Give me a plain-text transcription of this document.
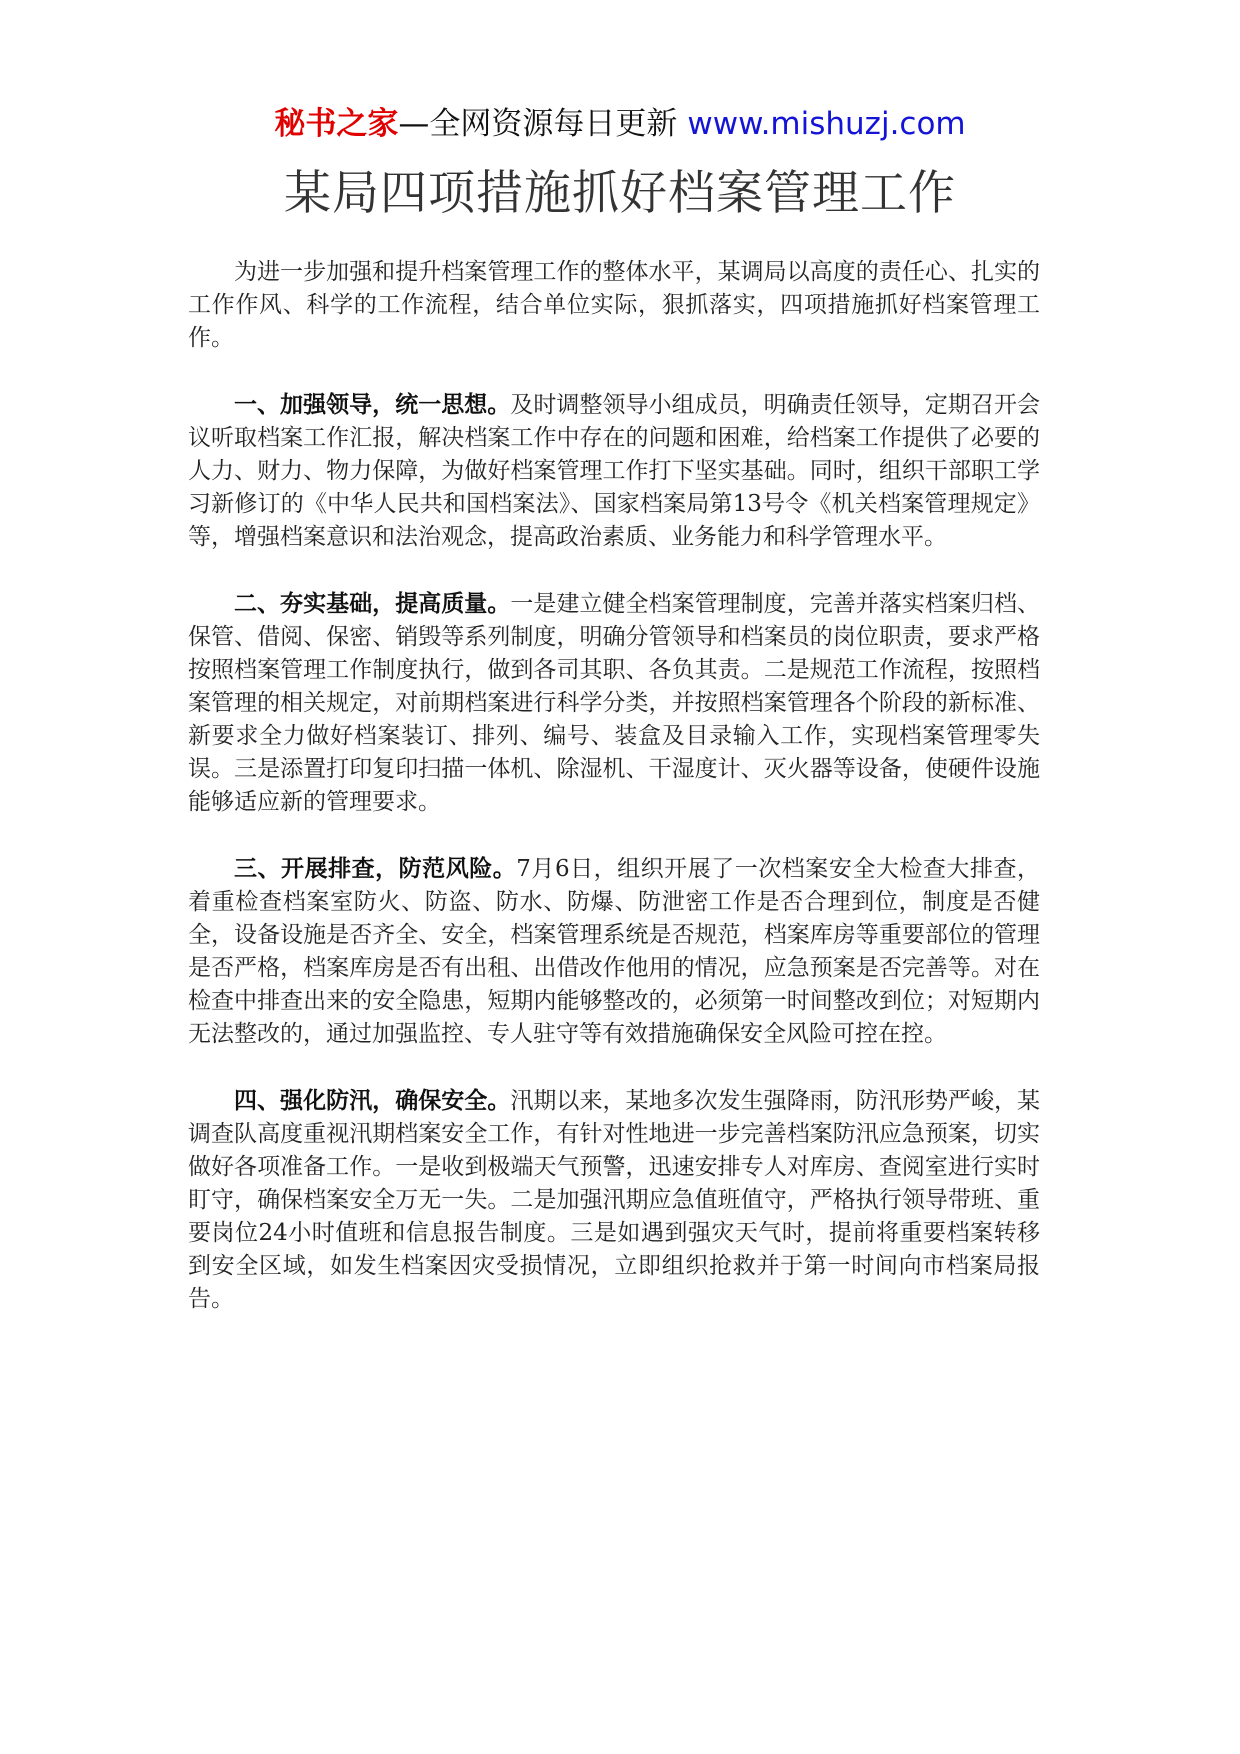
秘书之家—全网资源每日更新 www.mishuzj.com
某局四项措施抓好档案管理工作

为进一步加强和提升档案管理工作的整体水平，某调局以高度的责任心、扎实的工作作风、科学的工作流程，结合单位实际，狠抓落实，四项措施抓好档案管理工作。

一、加强领导，统一思想。及时调整领导小组成员，明确责任领导，定期召开会议听取档案工作汇报，解决档案工作中存在的问题和困难，给档案工作提供了必要的人力、财力、物力保障，为做好档案管理工作打下坚实基础。同时，组织干部职工学习新修订的《中华人民共和国档案法》、国家档案局第13号令《机关档案管理规定》等，增强档案意识和法治观念，提高政治素质、业务能力和科学管理水平。

二、夯实基础，提高质量。一是建立健全档案管理制度，完善并落实档案归档、保管、借阅、保密、销毁等系列制度，明确分管领导和档案员的岗位职责，要求严格按照档案管理工作制度执行，做到各司其职、各负其责。二是规范工作流程，按照档案管理的相关规定，对前期档案进行科学分类，并按照档案管理各个阶段的新标准、新要求全力做好档案装订、排列、编号、装盒及目录输入工作，实现档案管理零失误。三是添置打印复印扫描一体机、除湿机、干湿度计、灭火器等设备，使硬件设施能够适应新的管理要求。

三、开展排查，防范风险。7月6日，组织开展了一次档案安全大检查大排查，着重检查档案室防火、防盗、防水、防爆、防泄密工作是否合理到位，制度是否健全，设备设施是否齐全、安全，档案管理系统是否规范，档案库房等重要部位的管理是否严格，档案库房是否有出租、出借改作他用的情况，应急预案是否完善等。对在检查中排查出来的安全隐患，短期内能够整改的，必须第一时间整改到位；对短期内无法整改的，通过加强监控、专人驻守等有效措施确保安全风险可控在控。

四、强化防汛，确保安全。汛期以来，某地多次发生强降雨，防汛形势严峻，某调查队高度重视汛期档案安全工作，有针对性地进一步完善档案防汛应急预案，切实做好各项准备工作。一是收到极端天气预警，迅速安排专人对库房、查阅室进行实时盯守，确保档案安全万无一失。二是加强汛期应急值班值守，严格执行领导带班、重要岗位24小时值班和信息报告制度。三是如遇到强灾天气时，提前将重要档案转移到安全区域，如发生档案因灾受损情况，立即组织抢救并于第一时间向市档案局报告。
